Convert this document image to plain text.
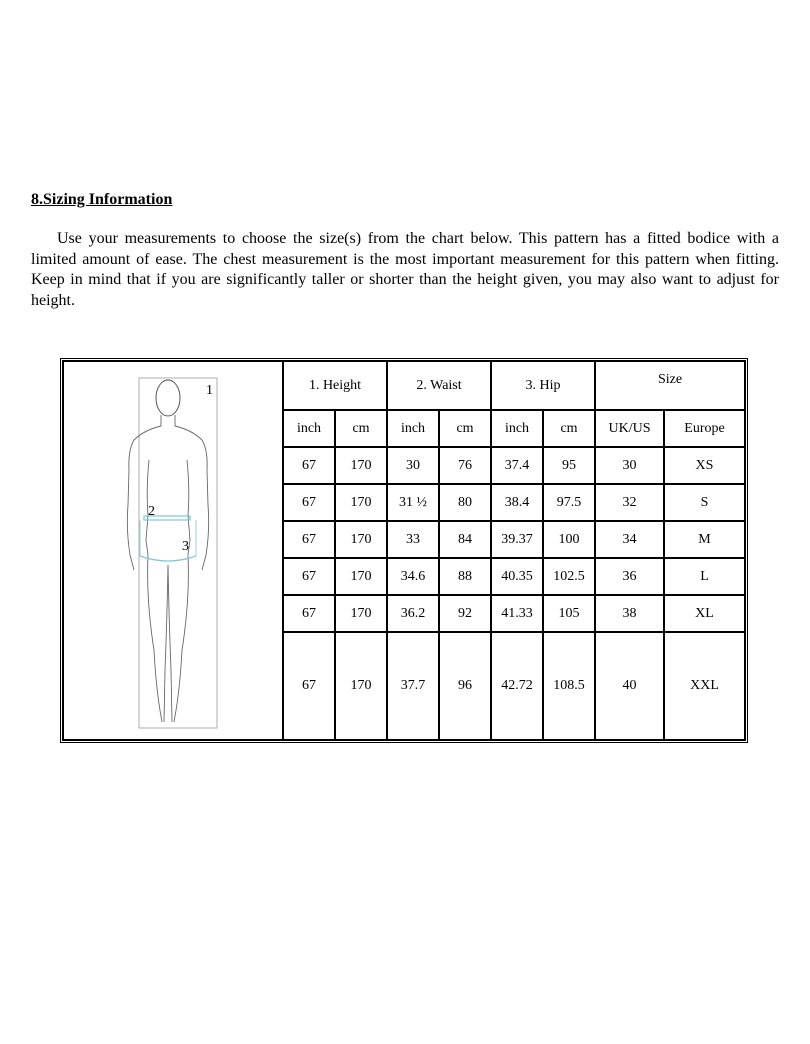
8.Sizing Information

Use your measurements to choose the size(s) from the chart below. This pattern has a fitted bodice with a limited amount of ease. The chest measurement is the most important measurement for this pattern when fitting. Keep in mind that if you are significantly taller or shorter than the height given, you may also want to adjust for height.

1
2
3	1. Height		2. Waist		3. Hip		Size	
	inch	cm	inch	cm	inch	cm	UK/US	Europe
	67	170	30	76	37.4	95	30	XS
	67	170	31 ½	80	38.4	97.5	32	S
	67	170	33	84	39.37	100	34	M
	67	170	34.6	88	40.35	102.5	36	L
	67	170	36.2	92	41.33	105	38	XL
	67	170	37.7	96	42.72	108.5	40	XXL
